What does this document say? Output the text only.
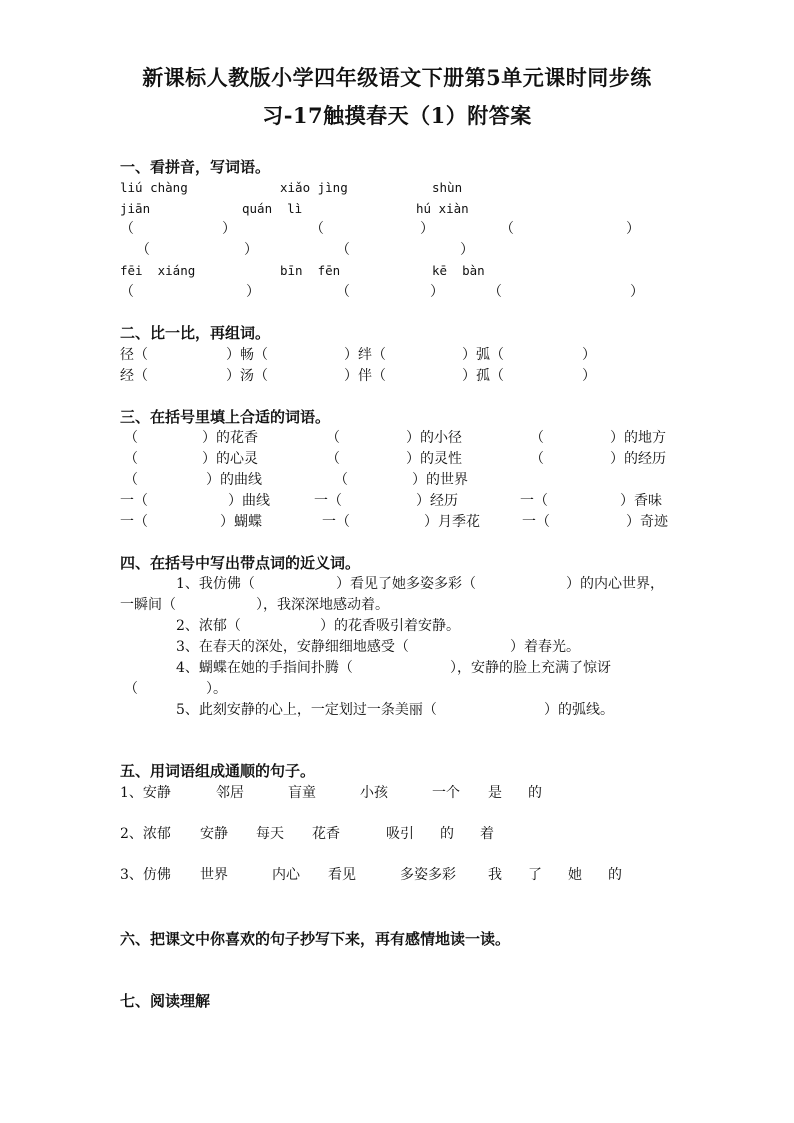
新课标人教版小学四年级语文下册第5单元课时同步练
习-17触摸春天（1）附答案
一、看拼音，写词语。
liú chàng	xiǎo jìng	shùn
jiān	quán  lì	hú xiàn
（	）	（	）	（	）
（	）	（	）
fēi  xiáng	bīn  fēn	kē  bàn
（	）	（	）	（	）
二、比一比，再组词。
径（	）畅（	）绊（	）弧（	）
经（	）汤（	）伴（	）孤（	）
三、在括号里填上合适的词语。
（	）的花香	（	）的小径	（	）的地方
（	）的心灵	（	）的灵性	（	）的经历
（	）的曲线	（	）的世界
一（	）曲线	一（	）经历	一（	）香味
一（	）蝴蝶	一（	）月季花	一（	）奇迹
四、在括号中写出带点词的近义词。
1、我仿佛（	）看见了她多姿多彩（	）的内心世界，
一瞬间（	），我深深地感动着。
2、浓郁（	）的花香吸引着安静。
3、在春天的深处，安静细细地感受（	）着春光。
4、蝴蝶在她的手指间扑腾（	），安静的脸上充满了惊讶
（	）。
5、此刻安静的心上，一定划过一条美丽（	）的弧线。
五、用词语组成通顺的句子。
1、安静	邻居	盲童	小孩	一个 是 的
2、浓郁 安静 每天 花香	吸引 的 着
3、仿佛 世界	内心 看见	多姿多彩 我 了 她 的
六、把课文中你喜欢的句子抄写下来，再有感情地读一读。
七、阅读理解
